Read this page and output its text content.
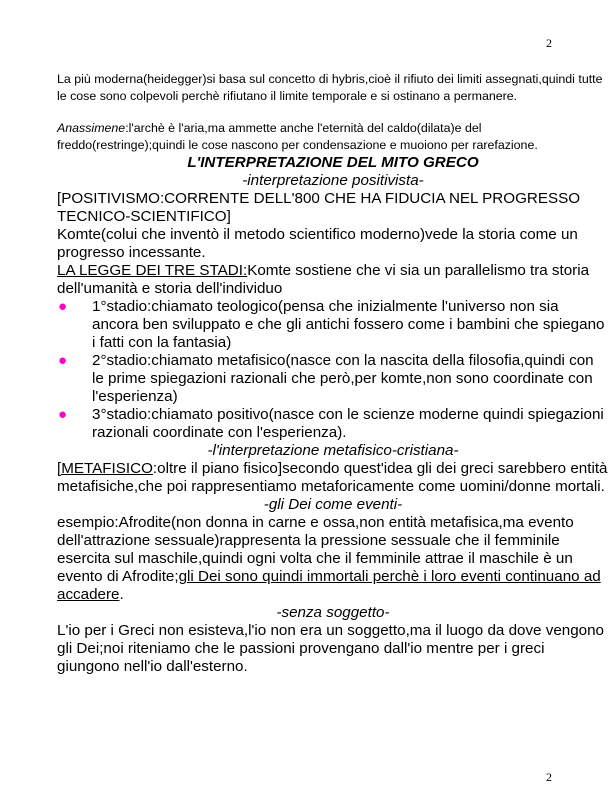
2

La più moderna(heidegger)si basa sul concetto di hybris,cioè il rifiuto dei limiti assegnati,quindi tutte le cose sono colpevoli perchè rifiutano il limite temporale e si ostinano a permanere.

Anassimene:l'archè è l'aria,ma ammette anche l'eternità del caldo(dilata)e del freddo(restringe);quindi le cose nascono per condensazione e muoiono per rarefazione.

L'INTERPRETAZIONE DEL MITO GRECO

-interpretazione positivista-

[POSITIVISMO:CORRENTE DELL'800 CHE HA FIDUCIA NEL PROGRESSO TECNICO-SCIENTIFICO]

Komte(colui che inventò il metodo scientifico moderno)vede la storia come un progresso incessante.

LA LEGGE DEI TRE STADI:Komte sostiene che vi sia un parallelismo tra storia dell'umanità e storia dell'individuo

● 1°stadio:chiamato teologico(pensa che inizialmente l'universo non sia ancora ben sviluppato e che gli antichi fossero come i bambini che spiegano i fatti con la fantasia)
● 2°stadio:chiamato metafisico(nasce con la nascita della filosofia,quindi con le prime spiegazioni razionali che però,per komte,non sono coordinate con l'esperienza)
● 3°stadio:chiamato positivo(nasce con le scienze moderne quindi spiegazioni razionali coordinate con l'esperienza).

-l'interpretazione metafisico-cristiana-

[METAFISICO:oltre il piano fisico]secondo quest'idea gli dei greci sarebbero entità metafisiche,che poi rappresentiamo metaforicamente come uomini/donne mortali.

-gli Dei come eventi-

esempio:Afrodite(non donna in carne e ossa,non entità metafisica,ma evento dell'attrazione sessuale)rappresenta la pressione sessuale che il femminile esercita sul maschile,quindi ogni volta che il femminile attrae il maschile è un evento di Afrodite;gli Dei sono quindi immortali perchè i loro eventi continuano ad accadere.

-senza soggetto-

L'io per i Greci non esisteva,l'io non era un soggetto,ma il luogo da dove vengono gli Dei;noi riteniamo che le passioni provengano dall'io mentre per i greci giungono nell'io dall'esterno.

2
